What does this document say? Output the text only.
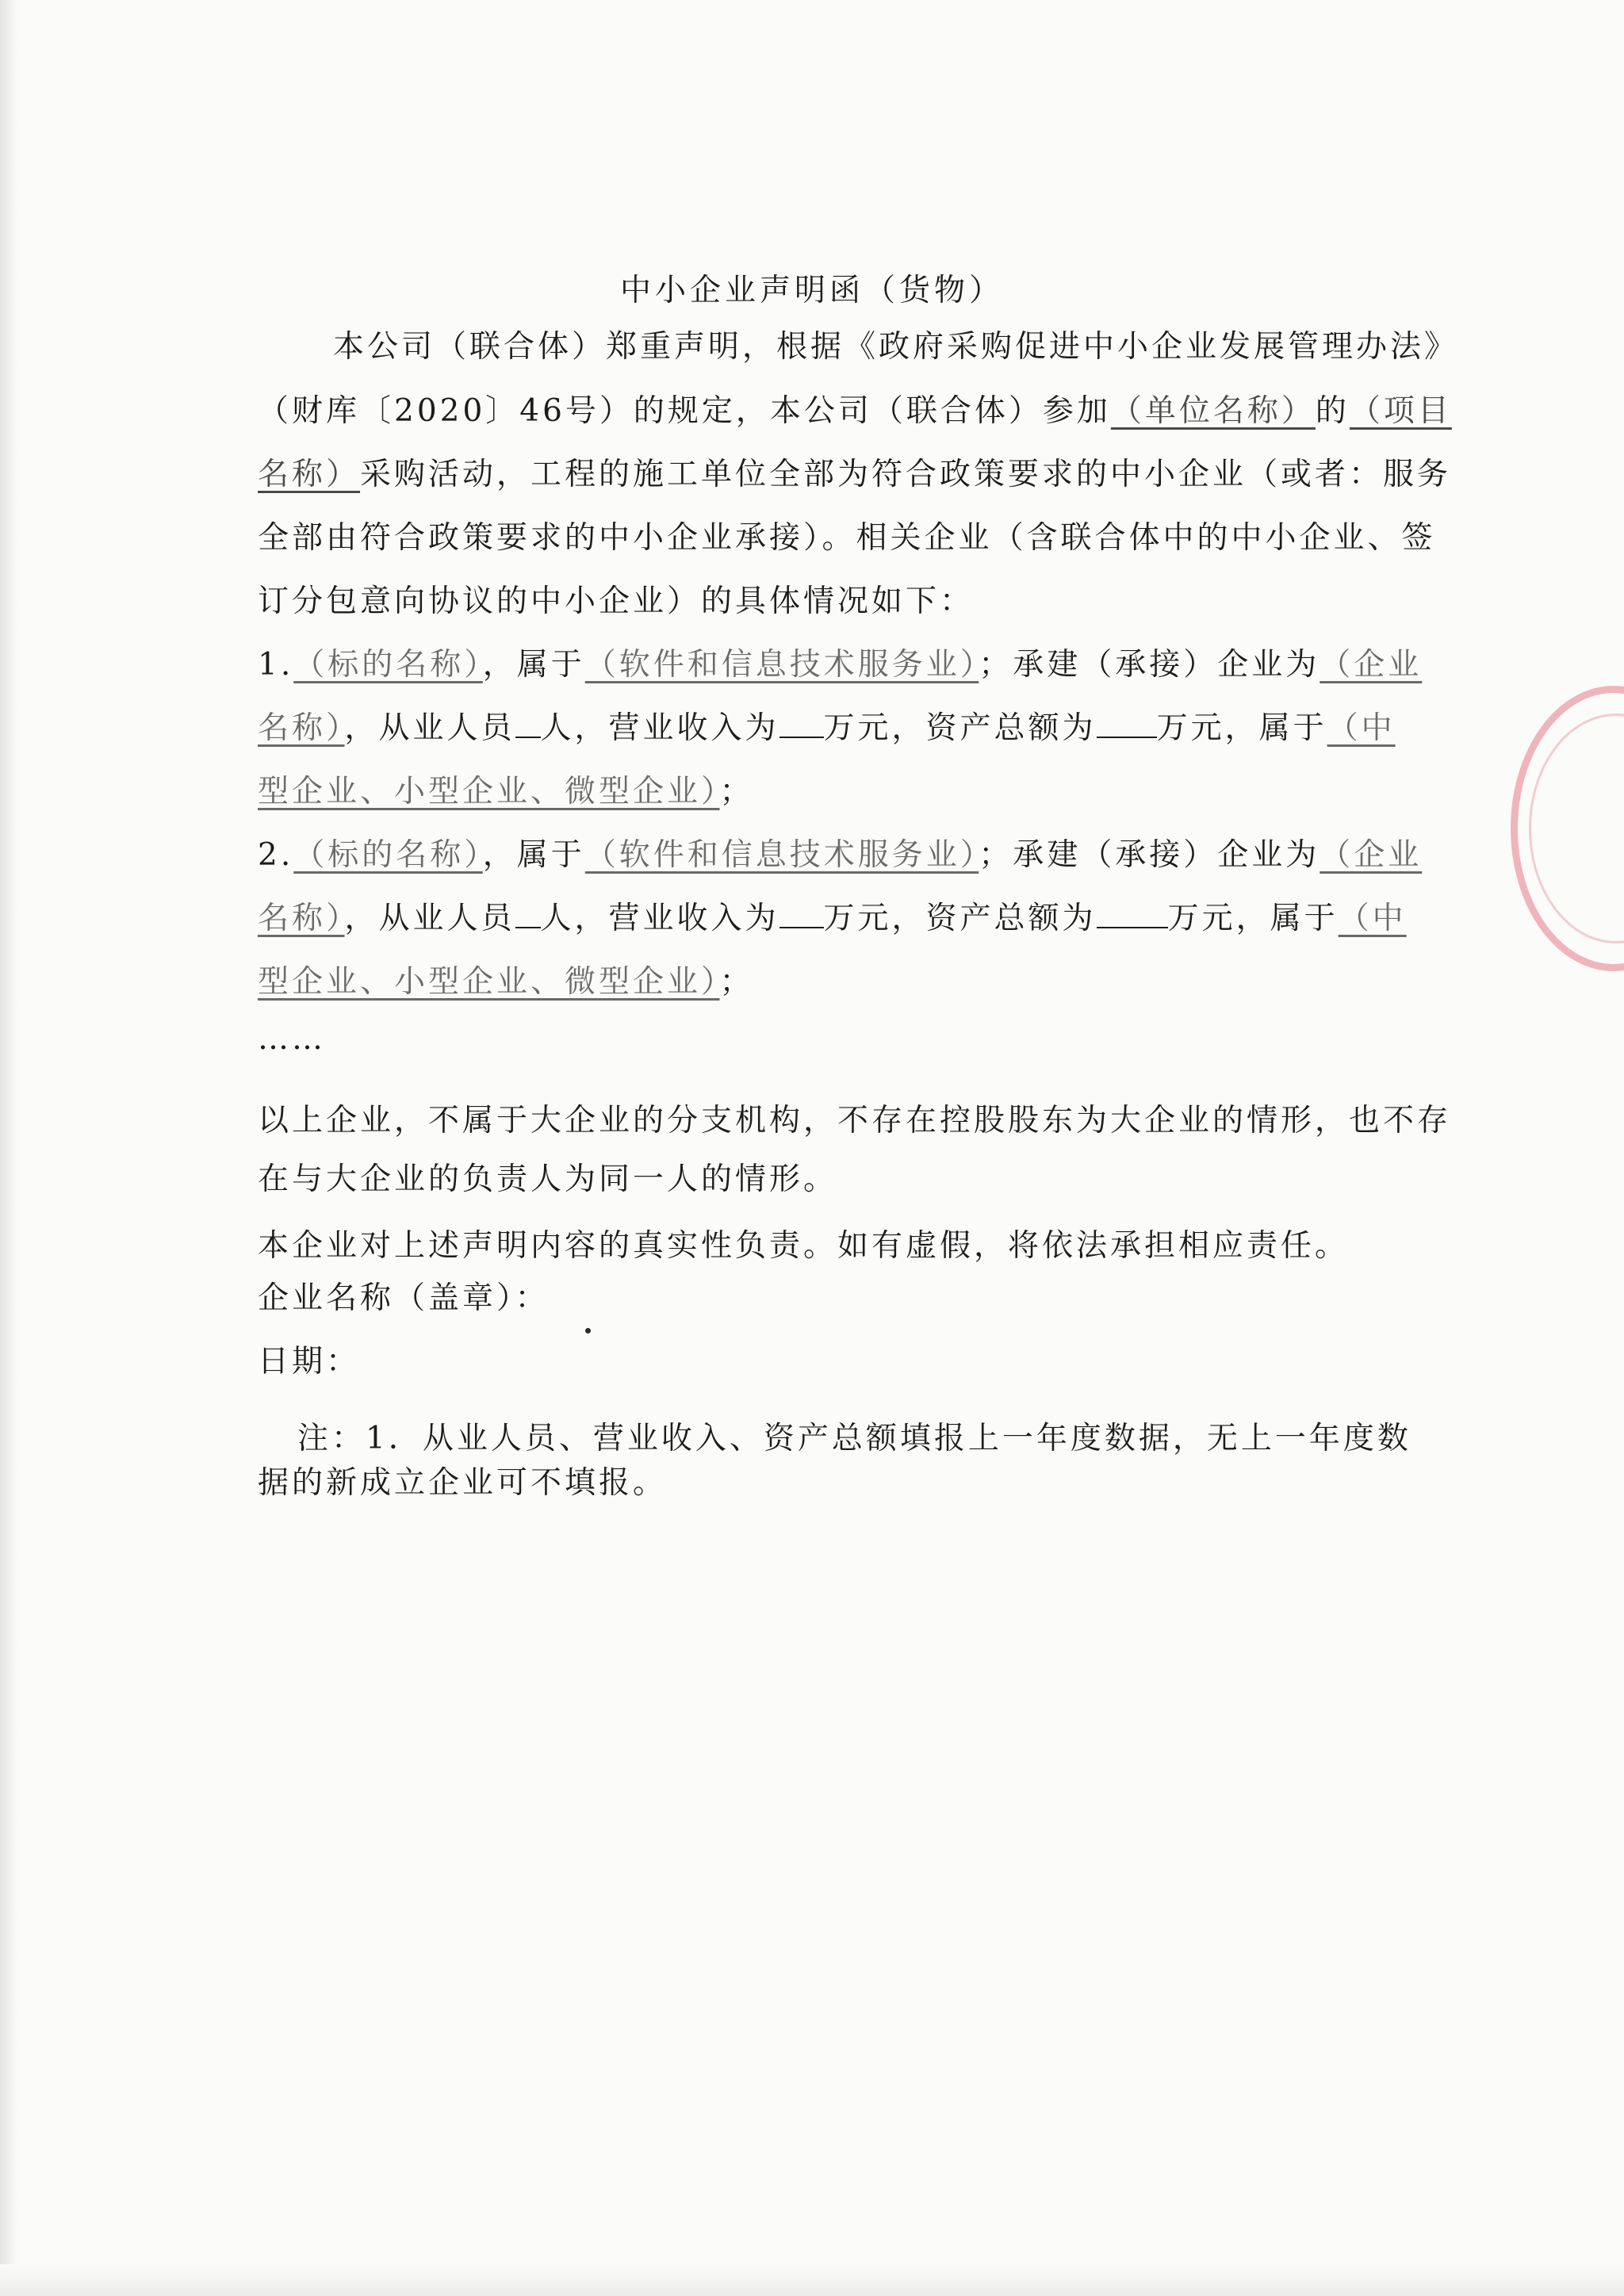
中小企业声明函（货物）
本公司（联合体）郑重声明，根据《政府采购促进中小企业发展管理办法》
（财库〔2020〕46号）的规定，本公司（联合体）参加（单位名称）的（项目
名称）采购活动，工程的施工单位全部为符合政策要求的中小企业（或者：服务
全部由符合政策要求的中小企业承接）。相关企业（含联合体中的中小企业、签
订分包意向协议的中小企业）的具体情况如下：
1.（标的名称），属于（软件和信息技术服务业）；承建（承接）企业为（企业
名称），从业人员 人，营业收入为 万元，资产总额为 万元，属于（中
型企业、小型企业、微型企业）；
2.（标的名称），属于（软件和信息技术服务业）；承建（承接）企业为（企业
名称），从业人员 人，营业收入为 万元，资产总额为 万元，属于（中
型企业、小型企业、微型企业）；
……
以上企业，不属于大企业的分支机构，不存在控股股东为大企业的情形，也不存
在与大企业的负责人为同一人的情形。
本企业对上述声明内容的真实性负责。如有虚假，将依法承担相应责任。
企业名称（盖章）：
日期：
注：1．从业人员、营业收入、资产总额填报上一年度数据，无上一年度数
据的新成立企业可不填报。
